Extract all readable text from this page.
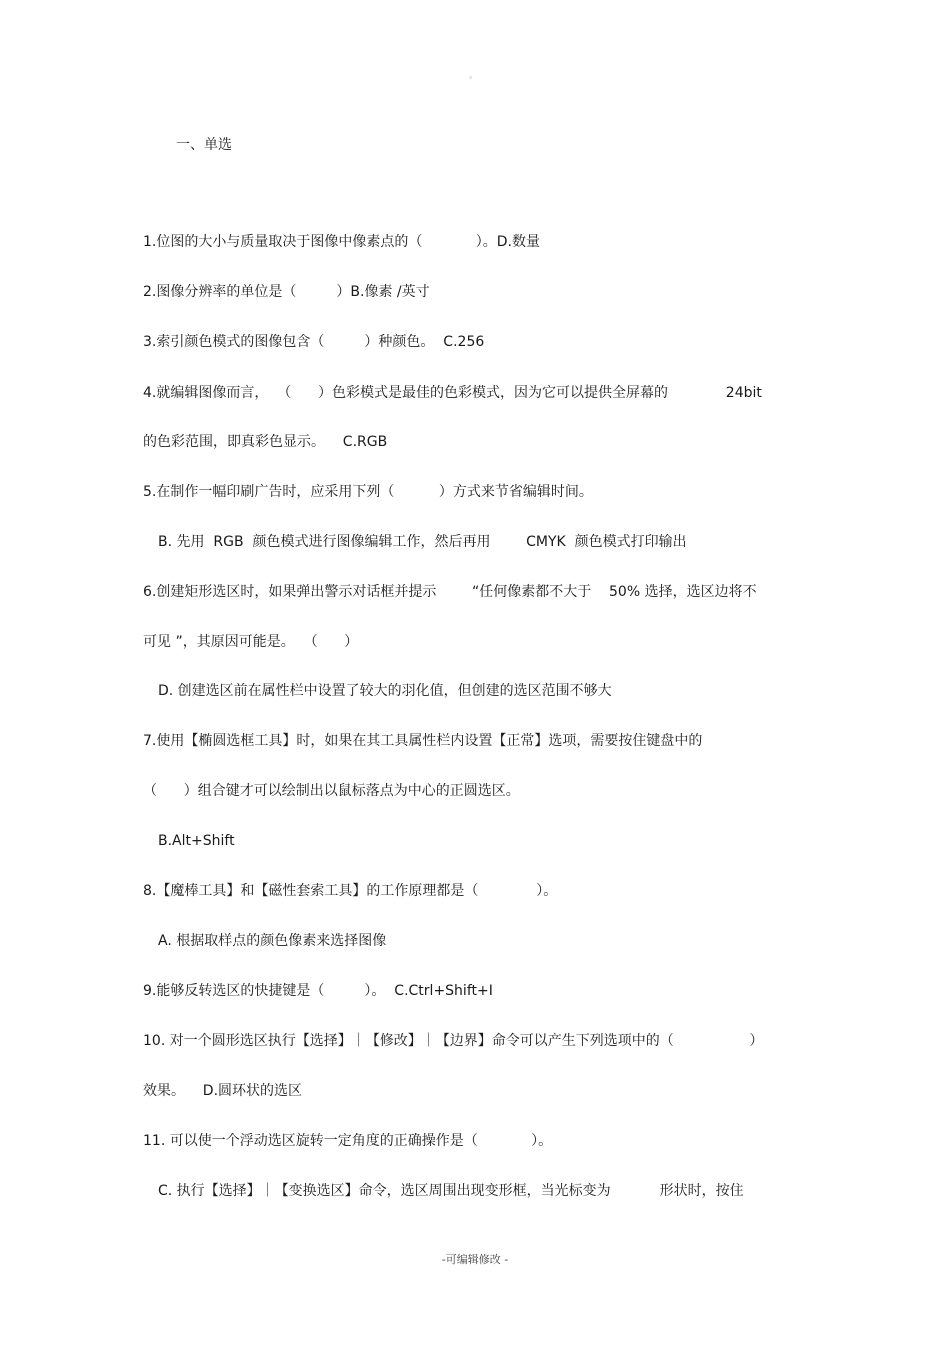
。
一、单选
1.位图的大小与质量取决于图像中像素点的（            ）。D.数量
2.图像分辨率的单位是（         ）B.像素 /英寸
3.索引颜色模式的图像包含（         ）种颜色。  C.256
4.就编辑图像而言，  （      ）色彩模式是最佳的色彩模式，因为它可以提供全屏幕的             24bit
的色彩范围，即真彩色显示。    C.RGB
5.在制作一幅印刷广告时，应采用下列（          ）方式来节省编辑时间。
B. 先用  RGB  颜色模式进行图像编辑工作，然后再用        CMYK  颜色模式打印输出
6.创建矩形选区时，如果弹出警示对话框并提示        “任何像素都不大于    50% 选择，选区边将不
可见 ”，其原因可能是。  （      ）
D. 创建选区前在属性栏中设置了较大的羽化值，但创建的选区范围不够大
7.使用【椭圆选框工具】时，如果在其工具属性栏内设置【正常】选项，需要按住键盘中的
（      ）组合键才可以绘制出以鼠标落点为中心的正圆选区。
B.Alt+Shift
8.【魔棒工具】和【磁性套索工具】的工作原理都是（             ）。
A. 根据取样点的颜色像素来选择图像
9.能够反转选区的快捷键是（         ）。  C.Ctrl+Shift+I
10. 对一个圆形选区执行【选择】｜【修改】｜【边界】命令可以产生下列选项中的（                 ）
效果。    D.圆环状的选区
11. 可以使一个浮动选区旋转一定角度的正确操作是（            ）。
C. 执行【选择】｜【变换选区】命令，选区周围出现变形框，当光标变为           形状时，按住
-可编辑修改 -
